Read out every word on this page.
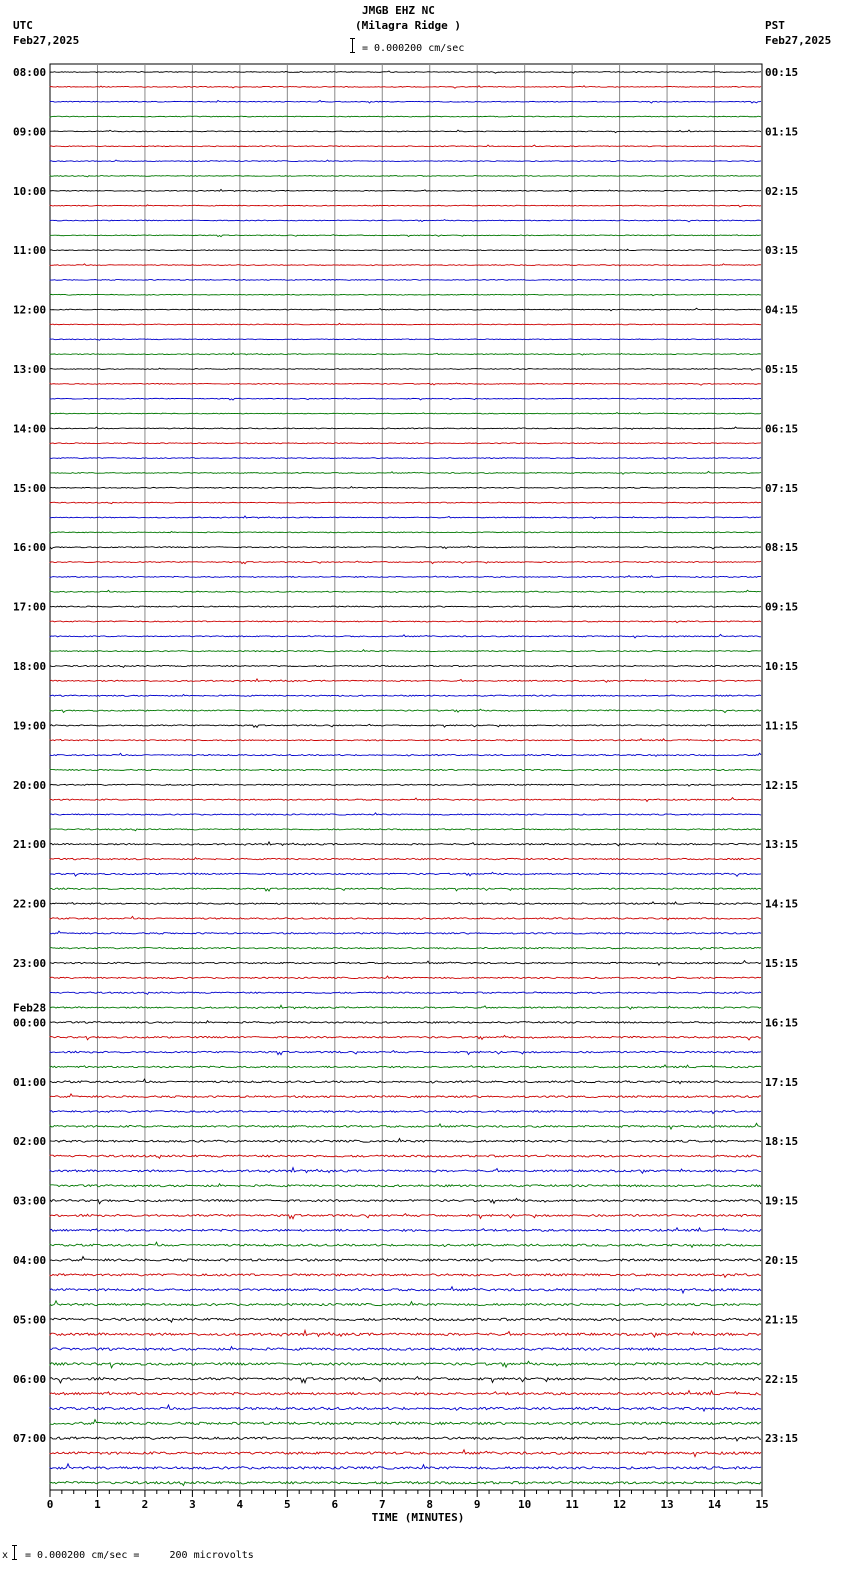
JMGB EHZ NC
(Milagra Ridge )
= 0.000200 cm/sec
UTC
Feb27,2025
PST
Feb27,2025
08:00
09:00
10:00
11:00
12:00
13:00
14:00
15:00
16:00
17:00
18:00
19:00
20:00
21:00
22:00
23:00
00:00
01:00
02:00
03:00
04:00
05:00
06:00
07:00
00:15
01:15
02:15
03:15
04:15
05:15
06:15
07:15
08:15
09:15
10:15
11:15
12:15
13:15
14:15
15:15
16:15
17:15
18:15
19:15
20:15
21:15
22:15
23:15
Feb28
0	1	2	3	4	5	6	7	8	9	10	11	12	13	14	15
TIME (MINUTES)
x = 0.000200 cm/sec =     200 microvolts
